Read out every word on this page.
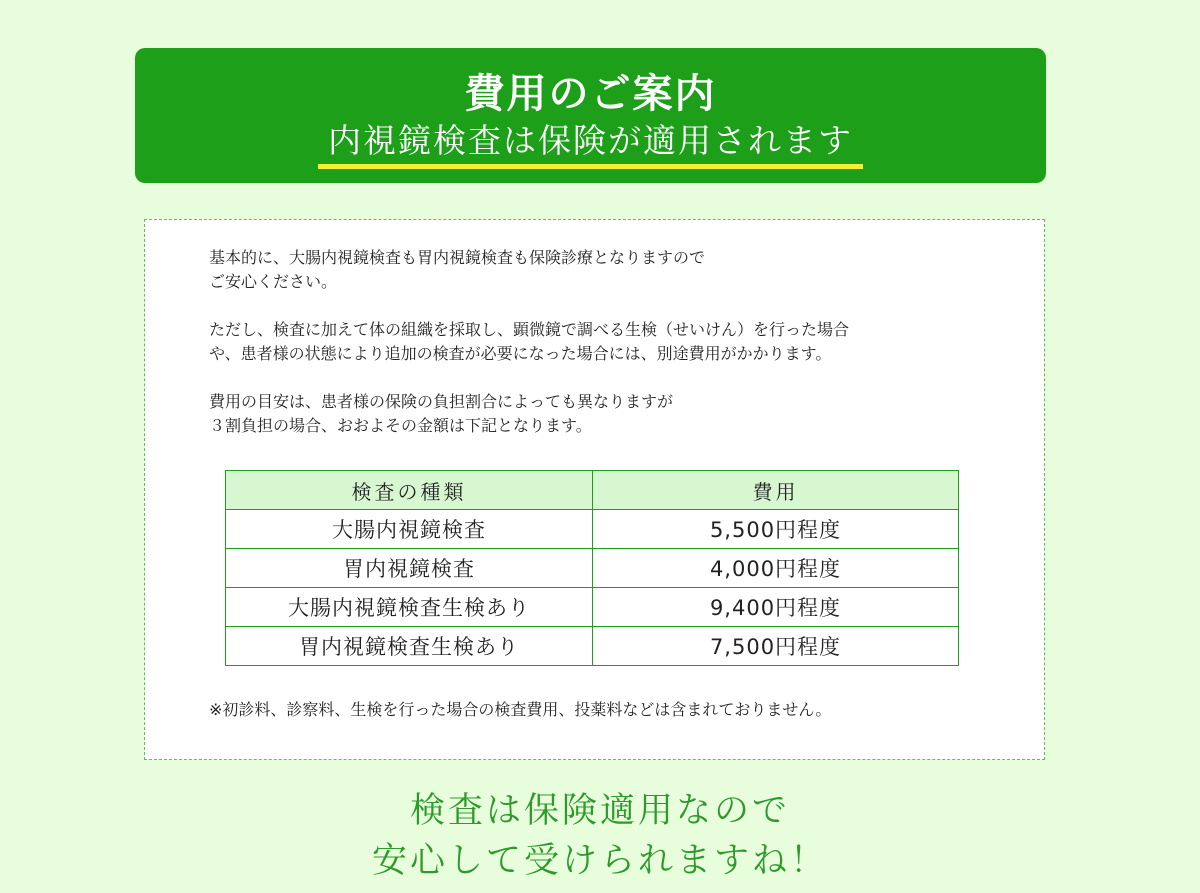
費用のご案内
内視鏡検査は保険が適用されます

基本的に、大腸内視鏡検査も胃内視鏡検査も保険診療となりますので
ご安心ください。

ただし、検査に加えて体の組織を採取し、顕微鏡で調べる生検（せいけん）を行った場合
や、患者様の状態により追加の検査が必要になった場合には、別途費用がかかります。

費用の目安は、患者様の保険の負担割合によっても異なりますが
３割負担の場合、おおよその金額は下記となります。

検査の種類	費用
大腸内視鏡検査	5,500円程度
胃内視鏡検査	4,000円程度
大腸内視鏡検査生検あり	9,400円程度
胃内視鏡検査生検あり	7,500円程度
※初診料、診察料、生検を行った場合の検査費用、投薬料などは含まれておりません。
検査は保険適用なので
安心して受けられますね！
